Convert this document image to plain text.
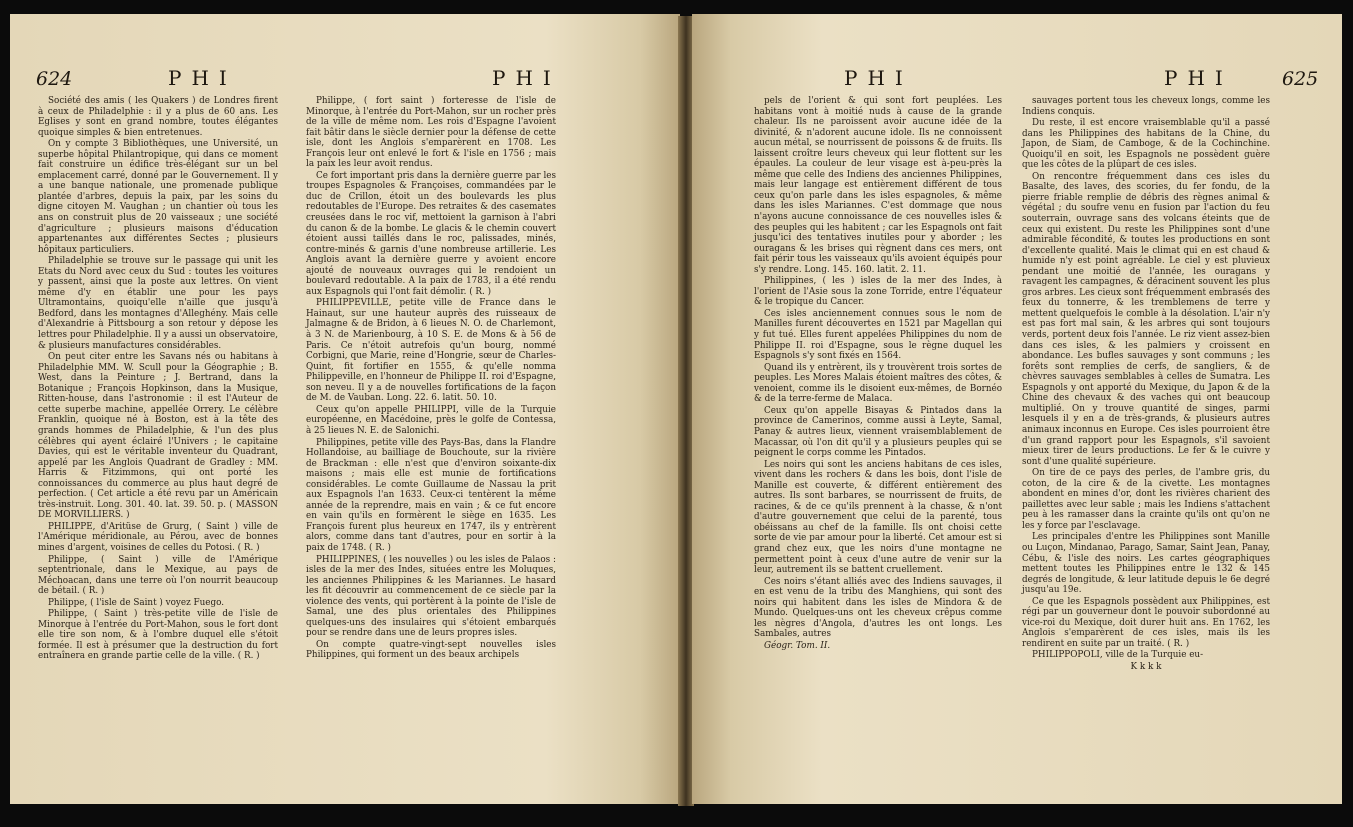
624	PHI	PHI

Société des amis ( les Quakers ) de Londres firent à ceux de Philadelphie : il y a plus de 60 ans. Les Eglises y sont en grand nombre, toutes élégantes quoique simples & bien entretenues.

On y compte 3 Bibliothèques, une Université, un superbe hôpital Philantropique, qui dans ce moment fait construire un édifice très-élégant sur un bel emplacement carré, donné par le Gouvernement. Il y a une banque nationale, une promenade publique plantée d'arbres, depuis la paix, par les soins du digne citoyen M. Vaughan ; un chantier où tous les ans on construit plus de 20 vaisseaux ; une société d'agriculture ; plusieurs maisons d'éducation appartenantes aux différentes Sectes ; plusieurs hôpitaux particuliers.

Philadelphie se trouve sur le passage qui unit les Etats du Nord avec ceux du Sud : toutes les voitures y passent, ainsi que la poste aux lettres. On vient même d'y en établir une pour les pays Ultramontains, quoiqu'elle n'aille que jusqu'à Bedford, dans les montagnes d'Alleghény. Mais celle d'Alexandrie à Pittsbourg a son retour y dépose les lettres pour Philadelphie. Il y a aussi un observatoire, & plusieurs manufactures considérables.

On peut citer entre les Savans nés ou habitans à Philadelphie MM. W. Scull pour la Géographie ; B. West, dans la Peinture ; J. Bertrand, dans la Botanique ; François Hopkinson, dans la Musique, Ritten-house, dans l'astronomie : il est l'Auteur de cette superbe machine, appellée Orrery. Le célèbre Franklin, quoique né à Boston, est à la tête des grands hommes de Philadelphie, & l'un des plus célèbres qui ayent éclairé l'Univers ; le capitaine Davies, qui est le véritable inventeur du Quadrant, appelé par les Anglois Quadrant de Gradley : MM. Harris & Fitzimmons, qui ont porté les connoissances du commerce au plus haut degré de perfection. ( Cet article a été revu par un Américain très-instruit. Long. 301. 40. lat. 39. 50. p. ( MASSON DE MORVILLIERS. )

PHILIPPE, d'Aritüse de Grurg, ( Saint ) ville de l'Amérique méridionale, au Pérou, avec de bonnes mines d'argent, voisines de celles du Potosi. ( R. )

Philippe, ( Saint ) ville de l'Amérique septentrionale, dans le Mexique, au pays de Méchoacan, dans une terre où l'on nourrit beaucoup de bétail. ( R. )

Philippe, ( l'isle de Saint ) voyez Fuego.

Philippe, ( Saint ) très-petite ville de l'isle de Minorque à l'entrée du Port-Mahon, sous le fort dont elle tire son nom, & à l'ombre duquel elle s'étoit formée. Il est à présumer que la destruction du fort entraînera en grande partie celle de la ville. ( R. )

Philippe, ( fort saint ) forteresse de l'isle de Minorque, à l'entrée du Port-Mahon, sur un rocher près de la ville de même nom. Les rois d'Espagne l'avoient fait bâtir dans le siècle dernier pour la défense de cette isle, dont les Anglois s'emparèrent en 1708. Les François leur ont enlevé le fort & l'isle en 1756 ; mais la paix les leur avoit rendus.

Ce fort important pris dans la dernière guerre par les troupes Espagnoles & Françoises, commandées par le duc de Crillon, étoit un des boulevards les plus redoutables de l'Europe. Des retraites & des casemates creusées dans le roc vif, mettoient la garnison à l'abri du canon & de la bombe. Le glacis & le chemin couvert étoient aussi taillés dans le roc, palissades, minés, contre-minés & garnis d'une nombreuse artillerie. Les Anglois avant la dernière guerre y avoient encore ajouté de nouveaux ouvrages qui le rendoient un boulevard redoutable. A la paix de 1783, il a été rendu aux Espagnols qui l'ont fait démolir. ( R. )

PHILIPPEVILLE, petite ville de France dans le Hainaut, sur une hauteur auprès des ruisseaux de Jalmagne & de Bridon, à 6 lieues N. O. de Charlemont, à 3 N. de Marienbourg, à 10 S. E. de Mons & à 56 de Paris. Ce n'étoit autrefois qu'un bourg, nommé Corbigni, que Marie, reine d'Hongrie, sœur de Charles-Quint, fit fortifier en 1555, & qu'elle nomma Philippeville, en l'honneur de Philippe II. roi d'Espagne, son neveu. Il y a de nouvelles fortifications de la façon de M. de Vauban. Long. 22. 6. latit. 50. 10.

Ceux qu'on appelle PHILIPPI, ville de la Turquie européenne, en Macédoine, près le golfe de Contessa, à 25 lieues N. E. de Salonichi.

Philippines, petite ville des Pays-Bas, dans la Flandre Hollandoise, au bailliage de Bouchoute, sur la rivière de Brackman : elle n'est que d'environ soixante-dix maisons ; mais elle est munie de fortifications considérables. Le comte Guillaume de Nassau la prit aux Espagnols l'an 1633. Ceux-ci tentèrent la même année de la reprendre, mais en vain ; & ce fut encore en vain qu'ils en formèrent le siège en 1635. Les François furent plus heureux en 1747, ils y entrèrent alors, comme dans tant d'autres, pour en sortir à la paix de 1748. ( R. )

PHILIPPINES, ( les nouvelles ) ou les isles de Palaos : isles de la mer des Indes, situées entre les Moluques, les anciennes Philippines & les Mariannes. Le hasard les fit découvrir au commencement de ce siècle par la violence des vents, qui portèrent à la pointe de l'isle de Samal, une des plus orientales des Philippines quelques-uns des insulaires qui s'étoient embarqués pour se rendre dans une de leurs propres isles.

On compte quatre-vingt-sept nouvelles isles Philippines, qui forment un des beaux archipels

PHI	PHI	625

pels de l'orient & qui sont fort peuplées. Les habitans vont à moitié nuds à cause de la grande chaleur. Ils ne paroissent avoir aucune idée de la divinité, & n'adorent aucune idole. Ils ne connoissent aucun métal, se nourrissent de poissons & de fruits. Ils laissent croître leurs cheveux qui leur flottent sur les épaules. La couleur de leur visage est à-peu-près la même que celle des Indiens des anciennes Philippines, mais leur langage est entièrement différent de tous ceux qu'on parle dans les isles espagnoles, & même dans les isles Mariannes. C'est dommage que nous n'ayons aucune connoissance de ces nouvelles isles & des peuples qui les habitent ; car les Espagnols ont fait jusqu'ici des tentatives inutiles pour y aborder ; les ouragans & les brises qui règnent dans ces mers, ont fait périr tous les vaisseaux qu'ils avoient équipés pour s'y rendre. Long. 145. 160. latit. 2. 11.

Philippines, ( les ) isles de la mer des Indes, à l'orient de l'Asie sous la zone Torride, entre l'équateur & le tropique du Cancer.

Ces isles anciennement connues sous le nom de Manilles furent découvertes en 1521 par Magellan qui y fut tué. Elles furent appelées Philippines du nom de Philippe II. roi d'Espagne, sous le règne duquel les Espagnols s'y sont fixés en 1564.

Quand ils y entrèrent, ils y trouvèrent trois sortes de peuples. Les Mores Malais étoient maîtres des côtes, & venoient, comme ils le disoient eux-mêmes, de Bornéo & de la terre-ferme de Malaca.

Ceux qu'on appelle Bisayas & Pintados dans la province de Camerinos, comme aussi à Leyte, Samal, Panay & autres lieux, viennent vraisemblablement de Macassar, où l'on dit qu'il y a plusieurs peuples qui se peignent le corps comme les Pintados.

Les noirs qui sont les anciens habitans de ces isles, vivent dans les rochers & dans les bois, dont l'isle de Manille est couverte, & différent entièrement des autres. Ils sont barbares, se nourrissent de fruits, de racines, & de ce qu'ils prennent à la chasse, & n'ont d'autre gouvernement que celui de la parenté, tous obéissans au chef de la famille. Ils ont choisi cette sorte de vie par amour pour la liberté. Cet amour est si grand chez eux, que les noirs d'une montagne ne permettent point à ceux d'une autre de venir sur la leur, autrement ils se battent cruellement.

Ces noirs s'étant alliés avec des Indiens sauvages, il en est venu de la tribu des Manghiens, qui sont des noirs qui habitent dans les isles de Mindora & de Mundo. Quelques-uns ont les cheveux crêpus comme les nègres d'Angola, d'autres les ont longs. Les Sambales, autres

Géogr. Tom. II.

sauvages portent tous les cheveux longs, comme les Indiens conquis.

Du reste, il est encore vraisemblable qu'il a passé dans les Philippines des habitans de la Chine, du Japon, de Siam, de Camboge, & de la Cochinchine. Quoiqu'il en soit, les Espagnols ne possèdent guère que les côtes de la plûpart de ces isles.

On rencontre fréquemment dans ces isles du Basalte, des laves, des scories, du fer fondu, de la pierre friable remplie de débris des règnes animal & végétal ; du soufre venu en fusion par l'action du feu souterrain, ouvrage sans des volcans éteints que de ceux qui existent. Du reste les Philippines sont d'une admirable fécondité, & toutes les productions en sont d'excellente qualité. Mais le climat qui en est chaud & humide n'y est point agréable. Le ciel y est pluvieux pendant une moitié de l'année, les ouragans y ravagent les campagnes, & déracinent souvent les plus gros arbres. Les cieux sont fréquemment embrasés des feux du tonnerre, & les tremblemens de terre y mettent quelquefois le comble à la désolation. L'air n'y est pas fort mal sain, & les arbres qui sont toujours verds, portent deux fois l'année. Le riz vient assez-bien dans ces isles, & les palmiers y croissent en abondance. Les bufles sauvages y sont communs ; les forêts sont remplies de cerfs, de sangliers, & de chèvres sauvages semblables à celles de Sumatra. Les Espagnols y ont apporté du Mexique, du Japon & de la Chine des chevaux & des vaches qui ont beaucoup multiplié. On y trouve quantité de singes, parmi lesquels il y en a de très-grands, & plusieurs autres animaux inconnus en Europe. Ces isles pourroient être d'un grand rapport pour les Espagnols, s'il savoient mieux tirer de leurs productions. Le fer & le cuivre y sont d'une qualité supérieure.

On tire de ce pays des perles, de l'ambre gris, du coton, de la cire & de la civette. Les montagnes abondent en mines d'or, dont les rivières charient des paillettes avec leur sable ; mais les Indiens s'attachent peu à les ramasser dans la crainte qu'ils ont qu'on ne les y force par l'esclavage.

Les principales d'entre les Philippines sont Manille ou Luçon, Mindanao, Parago, Samar, Saint Jean, Panay, Cébu, & l'isle des noirs. Les cartes géographiques mettent toutes les Philippines entre le 132 & 145 degrés de longitude, & leur latitude depuis le 6e degré jusqu'au 19e.

Ce que les Espagnols possèdent aux Philippines, est régi par un gouverneur dont le pouvoir subordonné au vice-roi du Mexique, doit durer huit ans. En 1762, les Anglois s'emparèrent de ces isles, mais ils les rendirent en suite par un traité. ( R. )

PHILIPPOPOLI, ville de la Turquie eu-

K k k k
